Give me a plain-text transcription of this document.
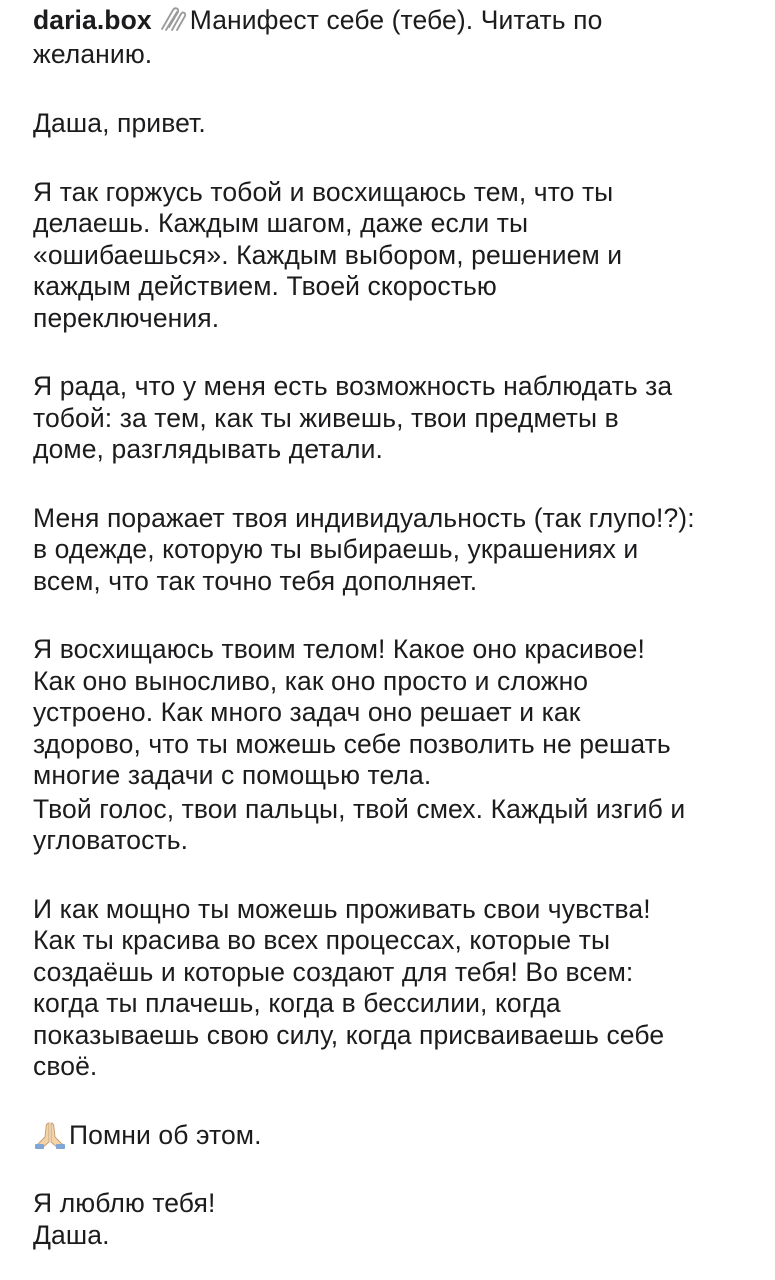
daria.box Манифест себе (тебе). Читать по
желанию.

Даша, привет.

Я так горжусь тобой и восхищаюсь тем, что ты
делаешь. Каждым шагом, даже если ты
«ошибаешься». Каждым выбором, решением и
каждым действием. Твоей скоростью
переключения.

Я рада, что у меня есть возможность наблюдать за
тобой: за тем, как ты живешь, твои предметы в
доме, разглядывать детали.

Меня поражает твоя индивидуальность (так глупо!?):
в одежде, которую ты выбираешь, украшениях и
всем, что так точно тебя дополняет.

Я восхищаюсь твоим телом! Какое оно красивое!
Как оно выносливо, как оно просто и сложно
устроено. Как много задач оно решает и как
здорово, что ты можешь себе позволить не решать
многие задачи с помощью тела.

Твой голос, твои пальцы, твой смех. Каждый изгиб и
угловатость.

И как мощно ты можешь проживать свои чувства!
Как ты красива во всех процессах, которые ты
создаёшь и которые создают для тебя! Во всем:
когда ты плачешь, когда в бессилии, когда
показываешь свою силу, когда присваиваешь себе
своё.

Помни об этом.

Я люблю тебя!
Даша.
